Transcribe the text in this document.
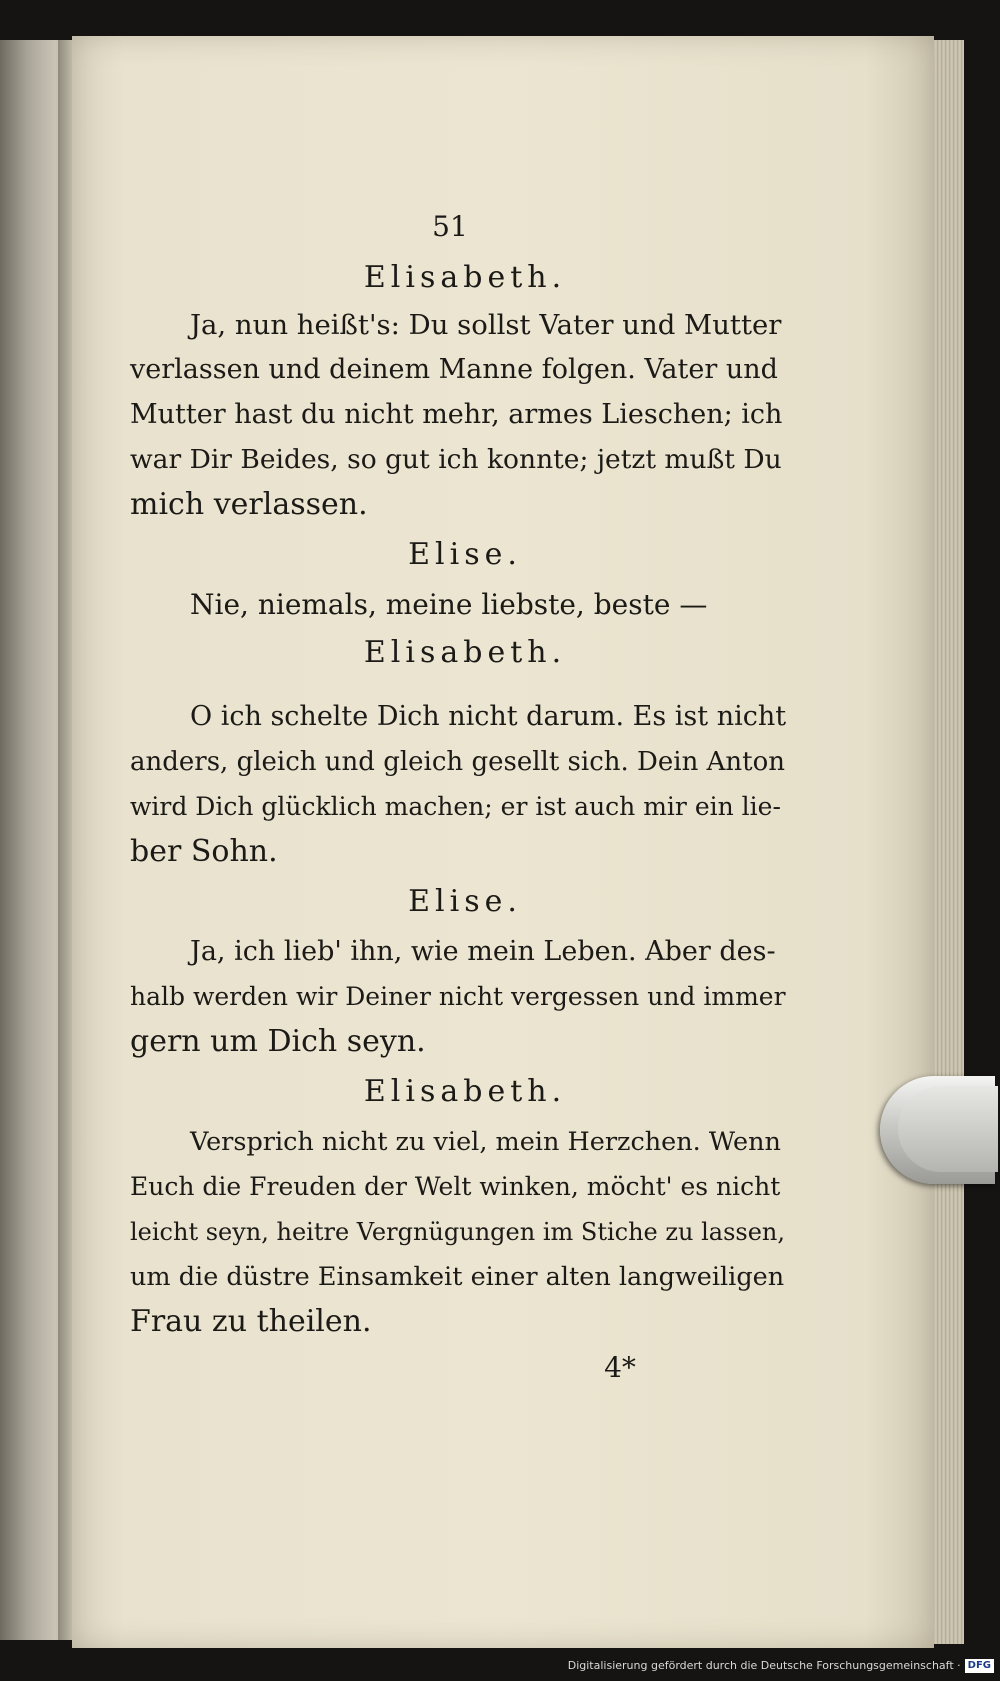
51
Elisabeth.
Ja, nun heißt's: Du sollst Vater und Mutter
verlassen und deinem Manne folgen. Vater und
Mutter hast du nicht mehr, armes Lieschen; ich
war Dir Beides, so gut ich konnte; jetzt mußt Du
mich verlassen.
Elise.
Nie, niemals, meine liebste, beste —
Elisabeth.
O ich schelte Dich nicht darum. Es ist nicht
anders, gleich und gleich gesellt sich. Dein Anton
wird Dich glücklich machen; er ist auch mir ein lie-
ber Sohn.
Elise.
Ja, ich lieb' ihn, wie mein Leben. Aber des-
halb werden wir Deiner nicht vergessen und immer
gern um Dich seyn.
Elisabeth.
Versprich nicht zu viel, mein Herzchen. Wenn
Euch die Freuden der Welt winken, möcht' es nicht
leicht seyn, heitre Vergnügungen im Stiche zu lassen,
um die düstre Einsamkeit einer alten langweiligen
Frau zu theilen.
4*
Digitalisierung gefördert durch die Deutsche Forschungsgemeinschaft · DFG
